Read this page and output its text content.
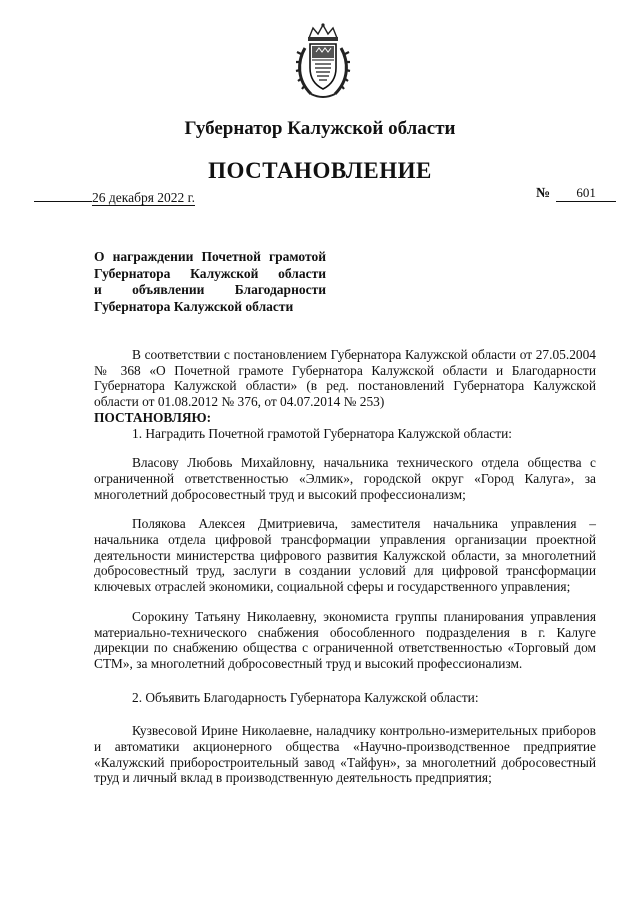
Губернатор Калужской области
ПОСТАНОВЛЕНИЕ
26 декабря 2022 г.	№ 601
О награждении Почетной грамотой
Губернатора Калужской области
и объявлении Благодарности
Губернатора Калужской области

В соответствии с постановлением Губернатора Калужской области от 27.05.2004 № 368 «О Почетной грамоте Губернатора Калужской области и Благодарности Губернатора Калужской области» (в ред. постановлений Губернатора Калужской области от 01.08.2012 № 376, от 04.07.2014 № 253)

ПОСТАНОВЛЯЮ:

1. Наградить Почетной грамотой Губернатора Калужской области:

Власову Любовь Михайловну, начальника технического отдела общества с ограниченной ответственностью «Элмик», городской округ «Город Калуга», за многолетний добросовестный труд и высокий профессионализм;

Полякова Алексея Дмитриевича, заместителя начальника управления – начальника отдела цифровой трансформации управления организации проектной деятельности министерства цифрового развития Калужской области, за многолетний добросовестный труд, заслуги в создании условий для цифровой трансформации ключевых отраслей экономики, социальной сферы и государственного управления;

Сорокину Татьяну Николаевну, экономиста группы планирования управления материально-технического снабжения обособленного подразделения в г. Калуге дирекции по снабжению общества с ограниченной ответственностью «Торговый дом СТМ», за многолетний добросовестный труд и высокий профессионализм.

2. Объявить Благодарность Губернатора Калужской области:

Кузвесовой Ирине Николаевне, наладчику контрольно-измерительных приборов и автоматики акционерного общества «Научно-производственное предприятие «Калужский приборостроительный завод «Тайфун», за многолетний добросовестный труд и личный вклад в производственную деятельность предприятия;
